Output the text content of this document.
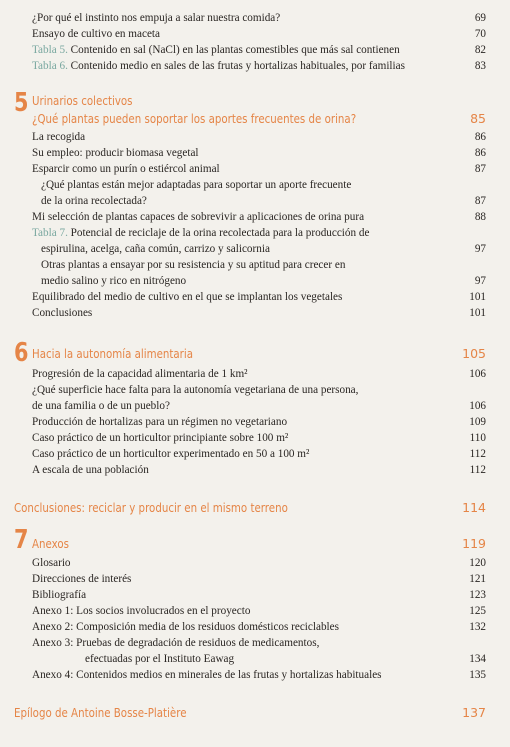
¿Por qué el instinto nos empuja a salar nuestra comida?	69
Ensayo de cultivo en maceta	70
Tabla 5. Contenido en sal (NaCl) en las plantas comestibles que más sal contienen	82
Tabla 6. Contenido medio en sales de las frutas y hortalizas habituales, por familias	83
5 Urinarios colectivos
¿Qué plantas pueden soportar los aportes frecuentes de orina?	85
La recogida	86
Su empleo: producir biomasa vegetal	86
Esparcir como un purín o estiércol animal	87
¿Qué plantas están mejor adaptadas para soportar un aporte frecuente
de la orina recolectada?	87
Mi selección de plantas capaces de sobrevivir a aplicaciones de orina pura	88
Tabla 7. Potencial de reciclaje de la orina recolectada para la producción de
espirulina, acelga, caña común, carrizo y salicornia	97
Otras plantas a ensayar por su resistencia y su aptitud para crecer en
medio salino y rico en nitrógeno	97
Equilibrado del medio de cultivo en el que se implantan los vegetales	101
Conclusiones	101
6 Hacia la autonomía alimentaria	105
Progresión de la capacidad alimentaria de 1 km²	106
¿Qué superficie hace falta para la autonomía vegetariana de una persona,
de una familia o de un pueblo?	106
Producción de hortalizas para un régimen no vegetariano	109
Caso práctico de un horticultor principiante sobre 100 m²	110
Caso práctico de un horticultor experimentado en 50 a 100 m²	112
A escala de una población	112
Conclusiones: reciclar y producir en el mismo terreno	114
7 Anexos	119
Glosario	120
Direcciones de interés	121
Bibliografía	123
Anexo 1: Los socios involucrados en el proyecto	125
Anexo 2: Composición media de los residuos domésticos reciclables	132
Anexo 3: Pruebas de degradación de residuos de medicamentos,
efectuadas por el Instituto Eawag	134
Anexo 4: Contenidos medios en minerales de las frutas y hortalizas habituales	135
Epílogo de Antoine Bosse-Platière	137
